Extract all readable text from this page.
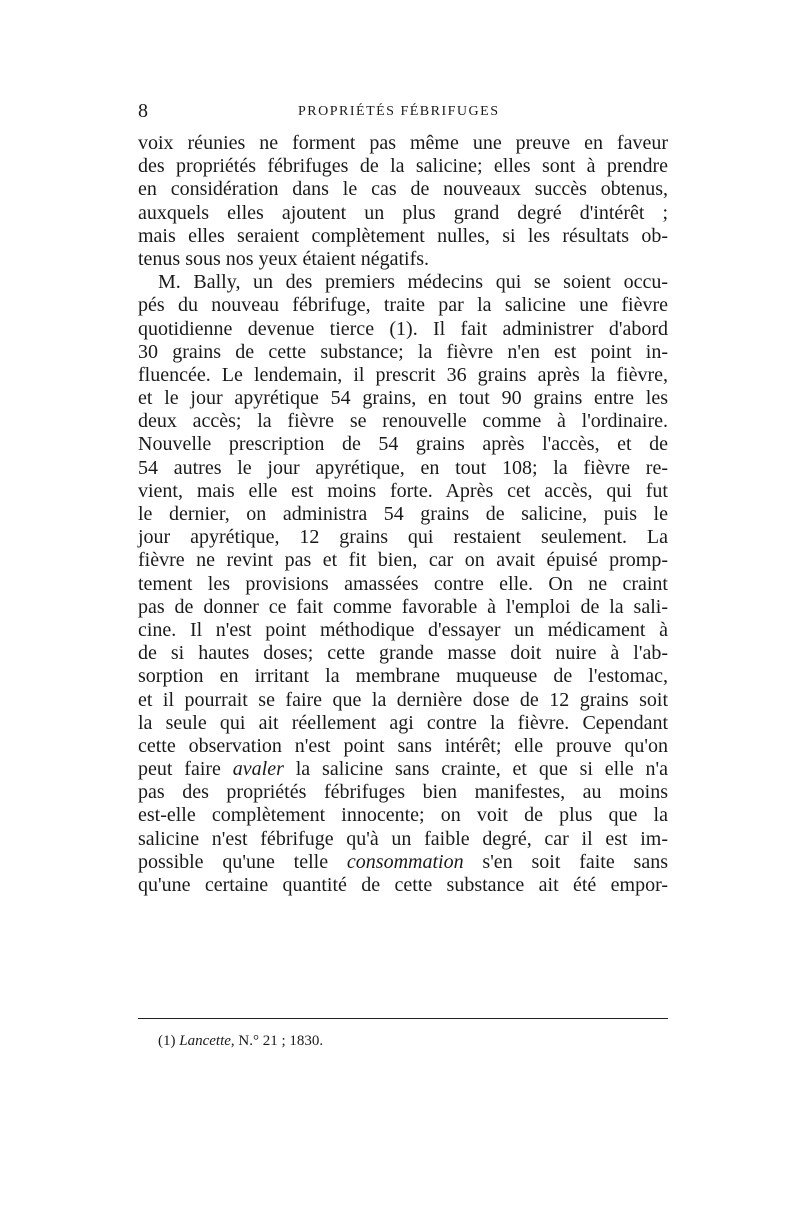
8	PROPRIÉTÉS FÉBRIFUGES
voix réunies ne forment pas même une preuve en faveur
des propriétés fébrifuges de la salicine; elles sont à prendre
en considération dans le cas de nouveaux succès obtenus,
auxquels elles ajoutent un plus grand degré d'intérêt ;
mais elles seraient complètement nulles, si les résultats ob-
tenus sous nos yeux étaient négatifs.
M. Bally, un des premiers médecins qui se soient occu-
pés du nouveau fébrifuge, traite par la salicine une fièvre
quotidienne devenue tierce (1). Il fait administrer d'abord
30 grains de cette substance; la fièvre n'en est point in-
fluencée. Le lendemain, il prescrit 36 grains après la fièvre,
et le jour apyrétique 54 grains, en tout 90 grains entre les
deux accès; la fièvre se renouvelle comme à l'ordinaire.
Nouvelle prescription de 54 grains après l'accès, et de
54 autres le jour apyrétique, en tout 108; la fièvre re-
vient, mais elle est moins forte. Après cet accès, qui fut
le dernier, on administra 54 grains de salicine, puis le
jour apyrétique, 12 grains qui restaient seulement. La
fièvre ne revint pas et fit bien, car on avait épuisé promp-
tement les provisions amassées contre elle. On ne craint
pas de donner ce fait comme favorable à l'emploi de la sali-
cine. Il n'est point méthodique d'essayer un médicament à
de si hautes doses; cette grande masse doit nuire à l'ab-
sorption en irritant la membrane muqueuse de l'estomac,
et il pourrait se faire que la dernière dose de 12 grains soit
la seule qui ait réellement agi contre la fièvre. Cependant
cette observation n'est point sans intérêt; elle prouve qu'on
peut faire avaler la salicine sans crainte, et que si elle n'a
pas des propriétés fébrifuges bien manifestes, au moins
est-elle complètement innocente; on voit de plus que la
salicine n'est fébrifuge qu'à un faible degré, car il est im-
possible qu'une telle consommation s'en soit faite sans
qu'une certaine quantité de cette substance ait été empor-
(1) Lancette, N.° 21 ; 1830.
